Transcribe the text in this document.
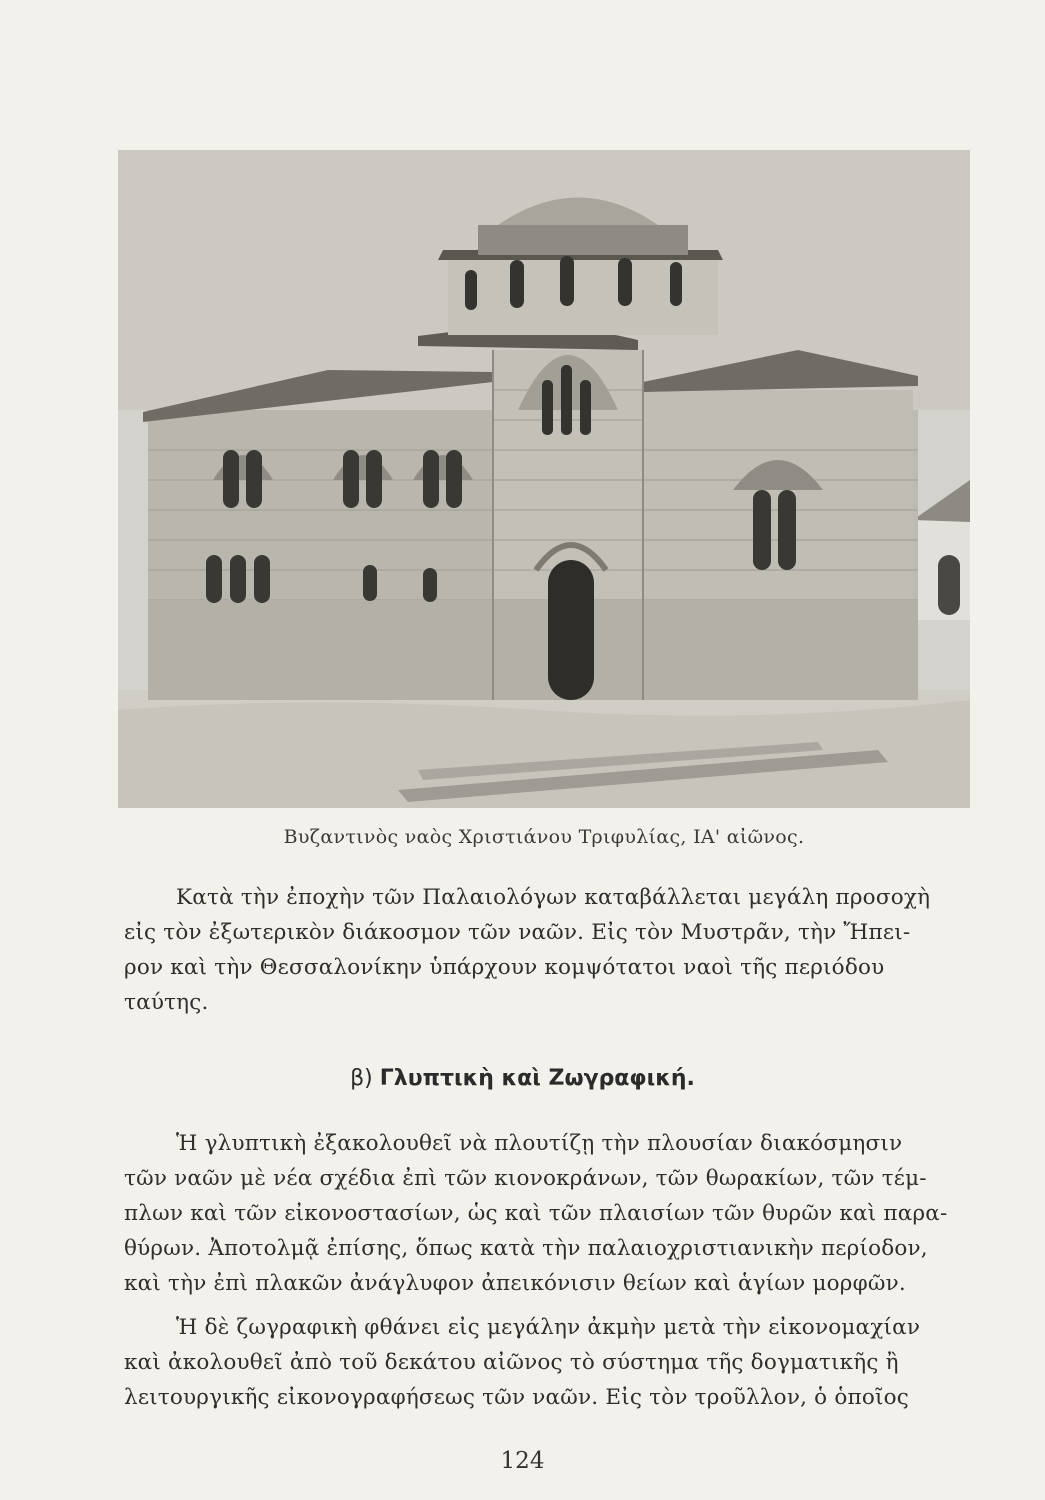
Βυζαντινὸς ναὸς Χριστιάνου Τριφυλίας, ΙΑ' αἰῶνος.
Κατὰ τὴν ἐποχὴν τῶν Παλαιολόγων καταβάλλεται μεγάλη προσοχὴ
εἰς τὸν ἐξωτερικὸν διάκοσμον τῶν ναῶν. Εἰς τὸν Μυστρᾶν, τὴν Ἤπει-
ρον καὶ τὴν Θεσσαλονίκην ὑπάρχουν κομψότατοι ναοὶ τῆς περιόδου
ταύτης.
β) Γλυπτικὴ καὶ Ζωγραφική.
Ἡ γλυπτικὴ ἐξακολουθεῖ νὰ πλουτίζῃ τὴν πλουσίαν διακόσμησιν
τῶν ναῶν μὲ νέα σχέδια ἐπὶ τῶν κιονοκράνων, τῶν θωρακίων, τῶν τέμ-
πλων καὶ τῶν εἰκονοστασίων, ὡς καὶ τῶν πλαισίων τῶν θυρῶν καὶ παρα-
θύρων. Ἀποτολμᾷ ἐπίσης, ὅπως κατὰ τὴν παλαιοχριστιανικὴν περίοδον,
καὶ τὴν ἐπὶ πλακῶν ἀνάγλυφον ἀπεικόνισιν θείων καὶ ἁγίων μορφῶν.
Ἡ δὲ ζωγραφικὴ φθάνει εἰς μεγάλην ἀκμὴν μετὰ τὴν εἰκονομαχίαν
καὶ ἀκολουθεῖ ἀπὸ τοῦ δεκάτου αἰῶνος τὸ σύστημα τῆς δογματικῆς ἢ
λειτουργικῆς εἰκονογραφήσεως τῶν ναῶν. Εἰς τὸν τροῦλλον, ὁ ὁποῖος
124
